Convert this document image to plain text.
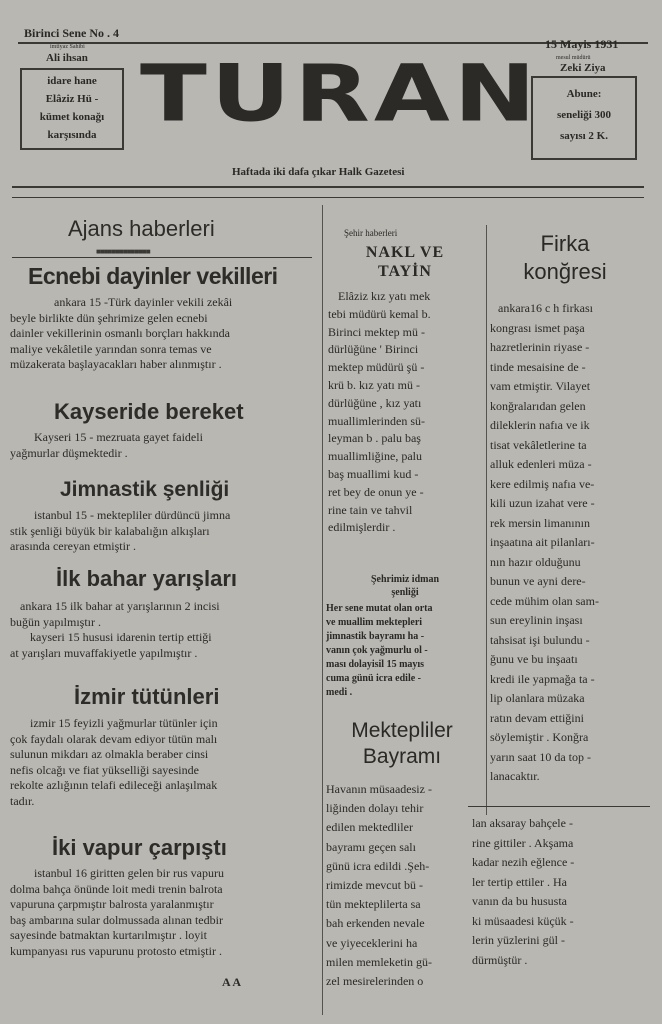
Birinci Sene No . 4
imtiyaz Sahibi
Ali ihsan
15 Mayis 1931
mesul müdürü
Zeki Ziya
idare hane
Elâziz Hü -
kümet konağı
karşısında
Abune:
seneliği 300
sayısı 2 K.
TURAN
Haftada iki dafa çıkar Halk Gazetesi
Ajans haberleri
■■■■■■■■■■■■■■
Ecnebi dayinler vekilleri

ankara 15 -Türk dayinler vekili zekâi

beyle birlikte dün şehrimize gelen ecnebi

dainler vekillerinin osmanlı borçları hakkında

maliye vekâletile yarından sonra temas ve

müzakerata başlayacakları haber alınmıştır .

Kayseride bereket

Kayseri 15 - mezruata gayet faideli

yağmurlar düşmektedir .

Jimnastik şenliği

istanbul 15 - mektepliler dürdüncü jimna

stik şenliği büyük bir kalabalığın alkışları

arasında cereyan etmiştir .

İlk bahar yarışları

ankara 15 ilk bahar at yarışlarının 2 incisi

buğün yapılmıştır .

kayseri 15 hususi idarenin tertip ettiği

at yarışları muvaffakiyetle yapılmıştır .

İzmir tütünleri

izmir 15 feyizli yağmurlar tütünler için

çok faydalı olarak devam ediyor tütün malı

sulunun mikdarı az olmakla beraber cinsi

nefis olcağı ve fiat yükselliği sayesinde

rekolte azlığının telafi edileceği anlaşılmak

tadır.

İki vapur çarpıştı

istanbul 16 giritten gelen bir rus vapuru

dolma bahça önünde loit medi trenin balrota

vapuruna çarpmıştır balrosta yaralanmıştır

baş ambarına sular dolmussada alınan tedbir

sayesinde batmaktan kurtarılmıştır . loyit

kumpanyası rus vapurunu protosto etmiştir .

A A
Şehir haberleri
NAKL VE
TAYİN

Elâziz kız yatı mek

tebi müdürü kemal b.

Birinci mektep mü -

dürlüğüne ' Birinci

mektep müdürü şü -

krü b. kız yatı mü -

dürlüğüne , kız yatı

muallimlerinden sü-

leyman b . palu baş

muallimliğine, palu

baş muallimi kud -

ret bey de onun ye -

rine tain ve tahvil

edilmişlerdir .

Şehrimiz idman
şenliği

Her sene mutat olan orta

ve muallim mektepleri

jimnastik bayramı ha -

vanın çok yağmurlu ol -

ması dolayisil 15 mayıs

cuma günü icra edile -

medi .

Mektepliler
Bayramı

Havanın müsaadesiz -

liğinden dolayı tehir

edilen mektedliler

bayramı geçen salı

günü icra edildi .Şeh-

rimizde mevcut bü -

tün mekteplilerta sa

bah erkenden nevale

ve yiyeceklerini ha

milen memleketin gü-

zel mesirelerinden o

Firka
konğresi

ankara16 c h firkası

kongrası ismet paşa

hazretlerinin riyase -

tinde mesaisine de -

vam etmiştir. Vilayet

konğralarıdan gelen

dileklerin nafıa ve ik

tisat vekâletlerine ta

alluk edenleri müza -

kere edilmiş nafıa ve-

kili uzun izahat vere -

rek mersin limanının

inşaatına ait pilanları-

nın hazır olduğunu

bunun ve ayni dere-

cede mühim olan sam-

sun ereylinin inşası

tahsisat işi bulundu -

ğunu ve bu inşaatı

kredi ile yapmağa ta -

lip olanlara müzaka

ratın devam ettiğini

söylemiştir . Konğra

yarın saat 10 da top -

lanacaktır.

lan aksaray bahçele -

rine gittiler . Akşama

kadar nezih eğlence -

ler tertip ettiler . Ha

vanın da bu hususta

ki müsaadesi küçük -

lerin yüzlerini gül -

dürmüştür .
